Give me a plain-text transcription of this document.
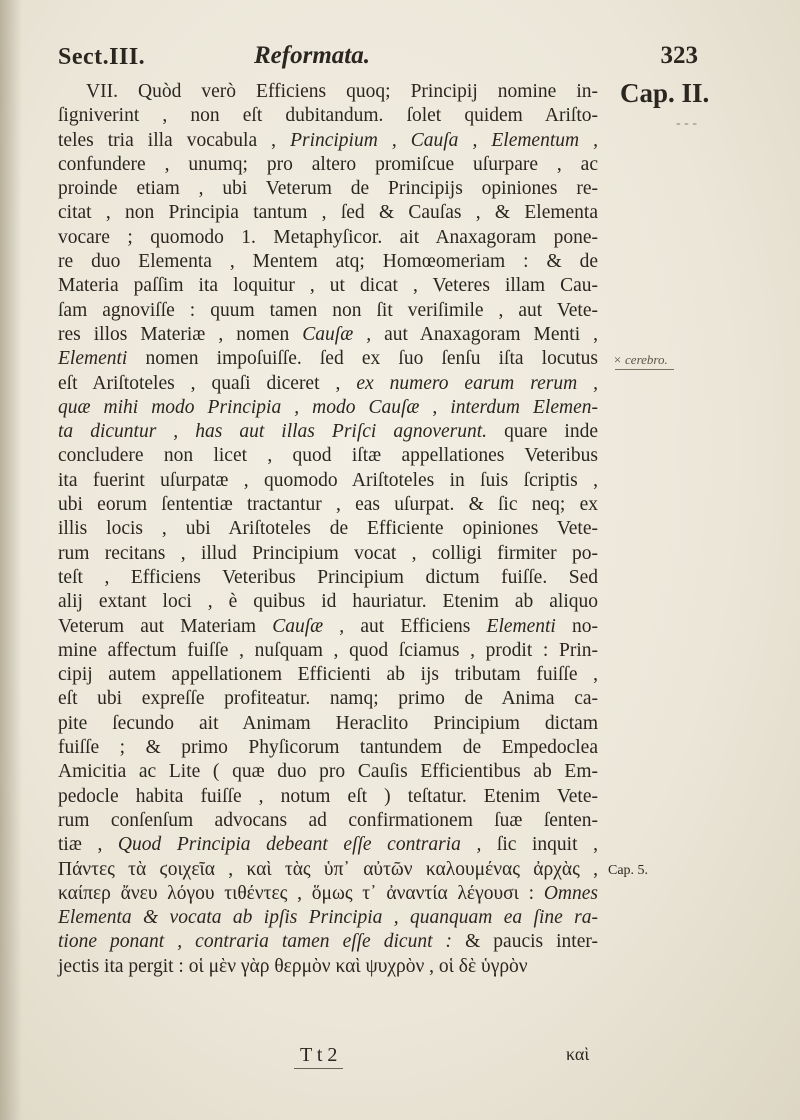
Sect.III.	Reformata.	323
Cap. II.
- - -
× cerebro.
Cap. 5.
VII. Quòd verò Efficiens quoq; Principij nomine in-
ſigniverint , non eſt dubitandum. ſolet quidem Ariſto-
teles tria illa vocabula , Principium , Cauſa , Elementum ,
confundere , unumq; pro altero promiſcue uſurpare , ac
proinde etiam , ubi Veterum de Principijs opiniones re-
citat , non Principia tantum , ſed & Cauſas , & Elementa
vocare ; quomodo 1. Metaphyſicor. ait Anaxagoram pone-
re duo Elementa , Mentem atq; Homœomeriam : & de
Materia paſſim ita loquitur , ut dicat , Veteres illam Cau-
ſam agnoviſſe : quum tamen non ſit veriſimile , aut Vete-
res illos Materiæ , nomen Cauſæ , aut Anaxagoram Menti ,
Elementi nomen impoſuiſſe. ſed ex ſuo ſenſu iſta locutus
eſt Ariſtoteles , quaſi diceret , ex numero earum rerum ,
quæ mihi modo Principia , modo Cauſæ , interdum Elemen-
ta dicuntur , has aut illas Priſci agnoverunt. quare inde
concludere non licet , quod iſtæ appellationes Veteribus
ita fuerint uſurpatæ , quomodo Ariſtoteles in ſuis ſcriptis ,
ubi eorum ſententiæ tractantur , eas uſurpat. & ſic neq; ex
illis locis , ubi Ariſtoteles de Efficiente opiniones Vete-
rum recitans , illud Principium vocat , colligi firmiter po-
teſt , Efficiens Veteribus Principium dictum fuiſſe. Sed
alij extant loci , è quibus id hauriatur. Etenim ab aliquo
Veterum aut Materiam Cauſæ , aut Efficiens Elementi no-
mine affectum fuiſſe , nuſquam , quod ſciamus , prodit : Prin-
cipij autem appellationem Efficienti ab ijs tributam fuiſſe ,
eſt ubi expreſſe profiteatur. namq; primo de Anima ca-
pite ſecundo ait Animam Heraclito Principium dictam
fuiſſe ; & primo Phyſicorum tantundem de Empedoclea
Amicitia ac Lite ( quæ duo pro Cauſis Efficientibus ab Em-
pedocle habita fuiſſe , notum eſt ) teſtatur. Etenim Vete-
rum conſenſum advocans ad confirmationem ſuæ ſenten-
tiæ , Quod Principia debeant eſſe contraria , ſic inquit ,
Πάντες τὰ ϛοιχεῖα , καὶ τὰς ὑπ᾽ αὐτῶν καλουμένας ἀρχὰς ,
καίπερ ἄνευ λόγου τιθέντες , ὅμως τ᾽ ἀναντία λέγουσι : Omnes
Elementa & vocata ab ipſis Principia , quanquam ea ſine ra-
tione ponant , contraria tamen eſſe dicunt : & paucis inter-
jectis ita pergit : οἱ μὲν γὰρ θερμὸν καὶ ψυχρὸν , οἱ δὲ ὑγρὸν
T t 2	καὶ
